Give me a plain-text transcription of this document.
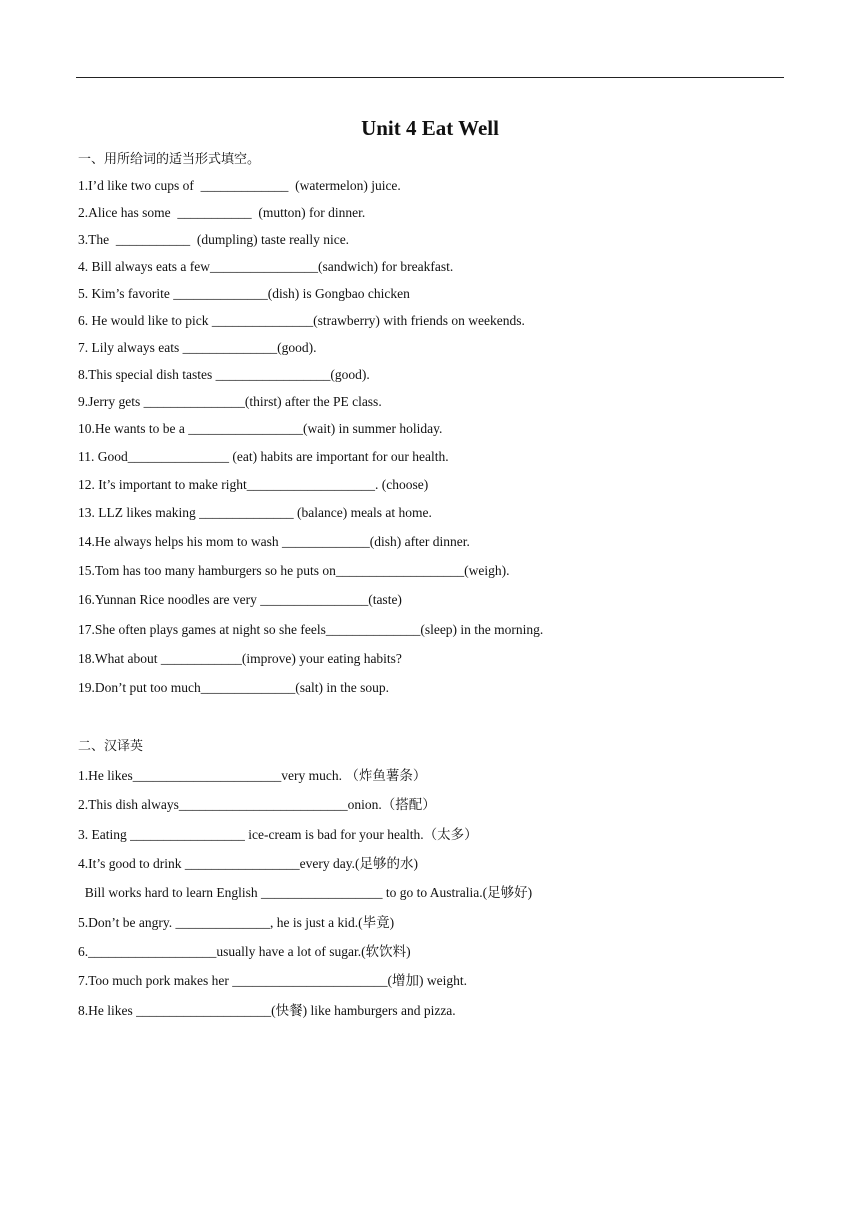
Unit 4 Eat Well
一、用所给词的适当形式填空。
1.I’d like two cups of  _____________  (watermelon) juice.
2.Alice has some  ___________  (mutton) for dinner.
3.The  ___________  (dumpling) taste really nice.
4. Bill always eats a few________________(sandwich) for breakfast.
5. Kim’s favorite ______________(dish) is Gongbao chicken
6. He would like to pick _______________(strawberry) with friends on weekends.
7. Lily always eats ______________(good).
8.This special dish tastes _________________(good).
9.Jerry gets _______________(thirst) after the PE class.
10.He wants to be a _________________(wait) in summer holiday.
11. Good_______________ (eat) habits are important for our health.
12. It’s important to make right___________________. (choose)
13. LLZ likes making ______________ (balance) meals at home.
14.He always helps his mom to wash _____________(dish) after dinner.
15.Tom has too many hamburgers so he puts on___________________(weigh).
16.Yunnan Rice noodles are very ________________(taste)
17.She often plays games at night so she feels______________(sleep) in the morning.
18.What about ____________(improve) your eating habits?
19.Don’t put too much______________(salt) in the soup.
二、汉译英
1.He likes______________________very much. （炸鱼薯条）
2.This dish always_________________________onion.（搭配）
3. Eating _________________ ice-cream is bad for your health.（太多）
4.It’s good to drink _________________every day.(足够的水)
Bill works hard to learn English __________________ to go to Australia.(足够好)
5.Don’t be angry. ______________, he is just a kid.(毕竟)
6.___________________usually have a lot of sugar.(软饮料)
7.Too much pork makes her _______________________(增加) weight.
8.He likes ____________________(快餐) like hamburgers and pizza.
